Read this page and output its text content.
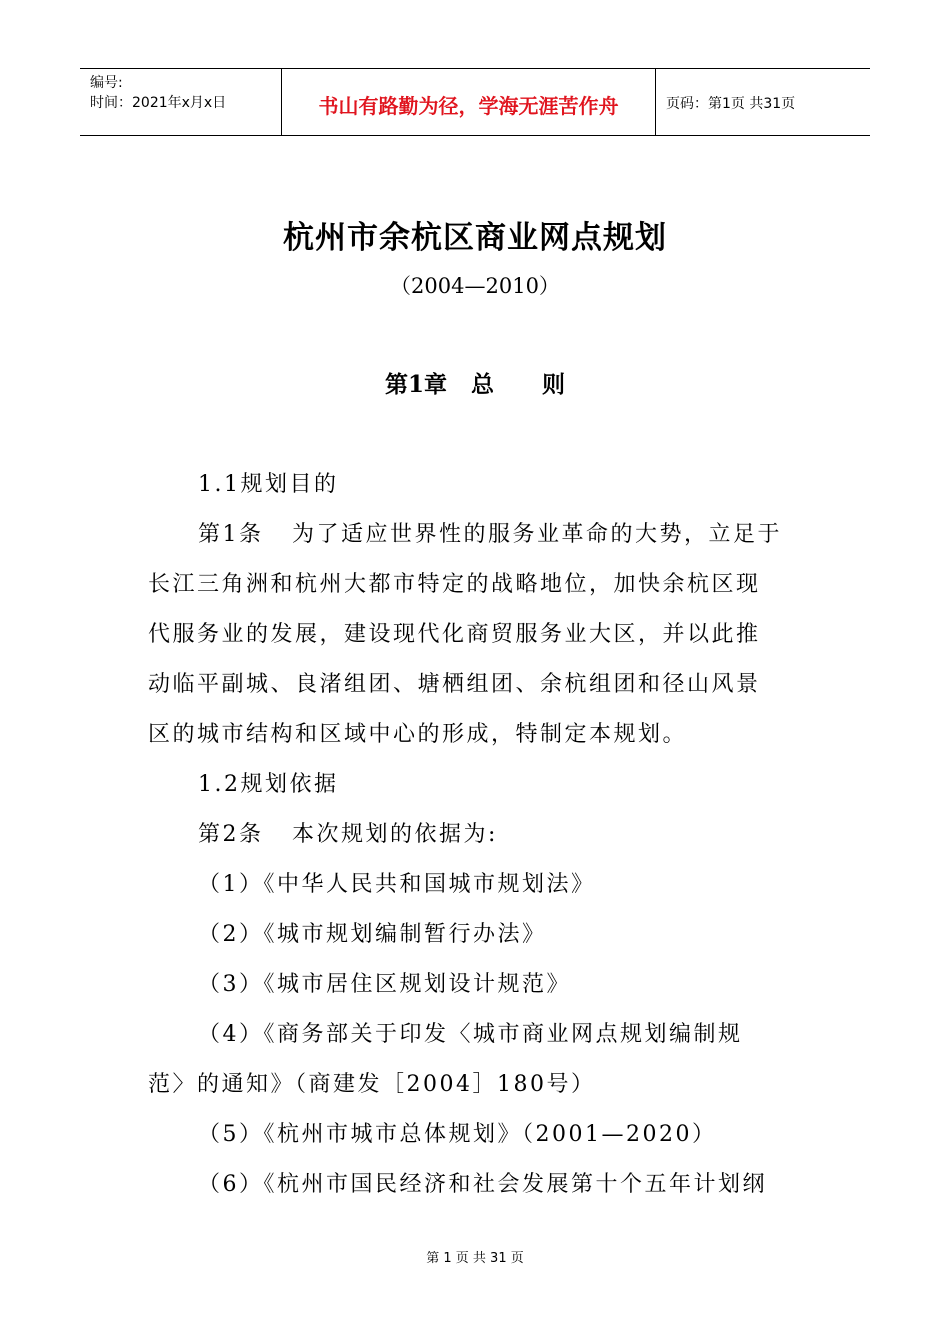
编号:
时间：2021年x月x日	书山有路勤为径，学海无涯苦作舟	页码：第1页 共31页
杭州市余杭区商业网点规划
（2004—2010）
第1章   总      则
1.1规划目的
第1条   为了适应世界性的服务业革命的大势，立足于
长江三角洲和杭州大都市特定的战略地位，加快余杭区现
代服务业的发展，建设现代化商贸服务业大区，并以此推
动临平副城、良渚组团、塘栖组团、余杭组团和径山风景
区的城市结构和区域中心的形成，特制定本规划。
1.2规划依据
第2条   本次规划的依据为:
（1）《中华人民共和国城市规划法》
（2）《城市规划编制暂行办法》
（3）《城市居住区规划设计规范》
（4）《商务部关于印发〈城市商业网点规划编制规
范〉的通知》（商建发［2004］180号）
（5）《杭州市城市总体规划》（2001—2020）
（6）《杭州市国民经济和社会发展第十个五年计划纲
第 1 页 共 31 页
